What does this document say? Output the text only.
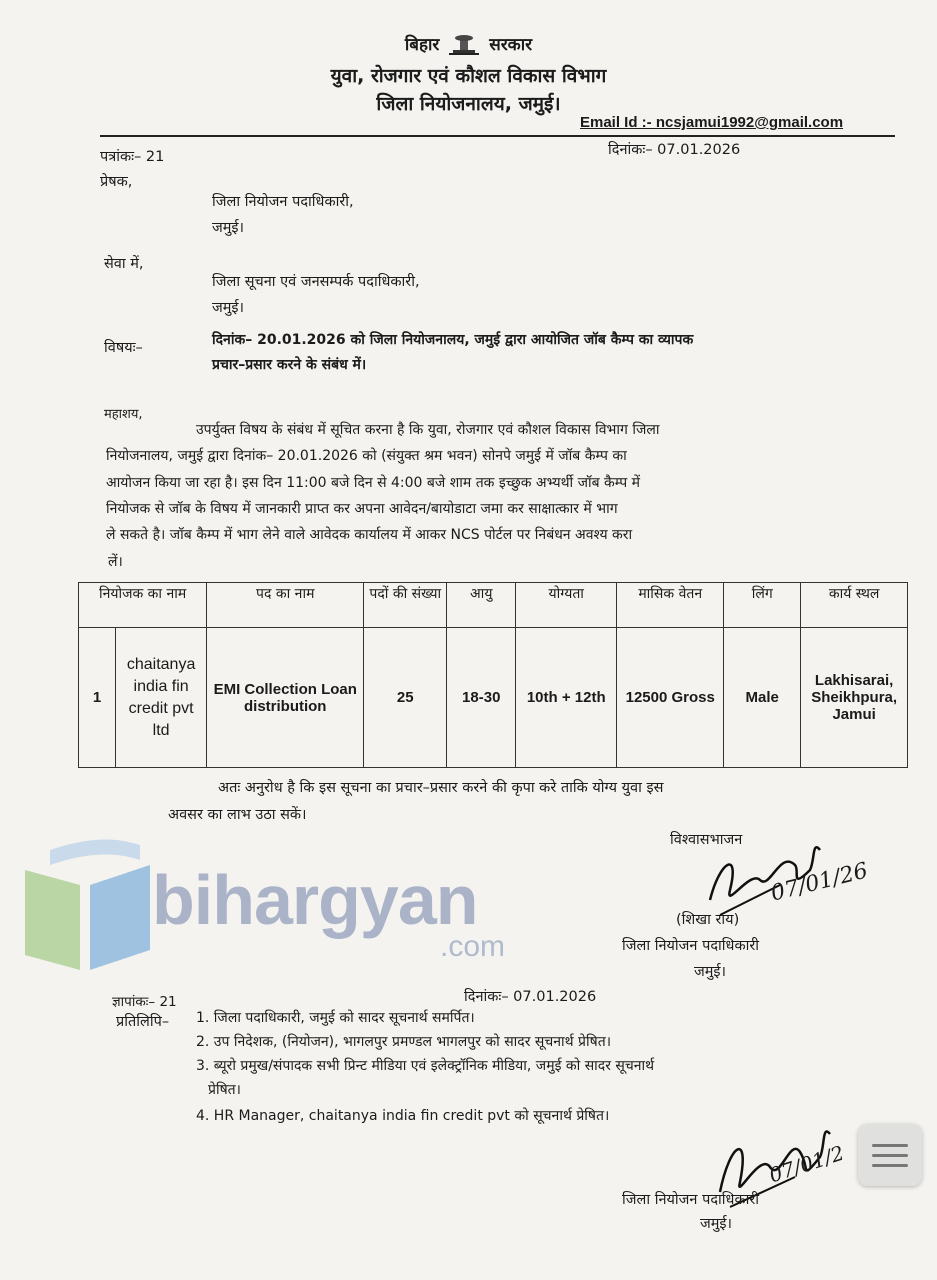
बिहार	सरकार
युवा, रोजगार एवं कौशल विकास विभाग
जिला नियोजनालय, जमुई।
Email Id :- ncsjamui1992@gmail.com
पत्रांकः– 21	दिनांकः– 07.01.2026
प्रेषक,
जिला नियोजन पदाधिकारी,
जमुई।
सेवा में,
जिला सूचना एवं जनसम्पर्क पदाधिकारी,
जमुई।
विषयः–	दिनांक– 20.01.2026 को जिला नियोजनालय, जमुई द्वारा आयोजित जॉब कैम्प का व्यापक
प्रचार–प्रसार करने के संबंध में।
महाशय,
उपर्युक्त विषय के संबंध में सूचित करना है कि युवा, रोजगार एवं कौशल विकास विभाग जिला
नियोजनालय, जमुई द्वारा दिनांक– 20.01.2026 को (संयुक्त श्रम भवन) सोनपे जमुई में जॉब कैम्प का
आयोजन किया जा रहा है। इस दिन 11:00 बजे दिन से 4:00 बजे शाम तक इच्छुक अभ्यर्थी जॉब कैम्प में
नियोजक से जॉब के विषय में जानकारी प्राप्त कर अपना आवेदन/बायोडाटा जमा कर साक्षात्कार में भाग
ले सकते है। जॉब कैम्प में भाग लेने वाले आवेदक कार्यालय में आकर NCS पोर्टल पर निबंधन अवश्य करा
लें।
नियोजक का नाम		पद का नाम	पदों की संख्या	आयु	योग्यता	मासिक वेतन	लिंग	कार्य स्थल
1	chaitanya india fin credit pvt ltd	EMI Collection Loan distribution	25	18-30	10th + 12th	12500 Gross	Male	Lakhisarai, Sheikhpura, Jamui
अतः अनुरोध है कि इस सूचना का प्रचार–प्रसार करने की कृपा करे ताकि योग्य युवा इस
अवसर का लाभ उठा सकें।
विश्वासभाजन
07/01/26
(शिखा राय)
जिला नियोजन पदाधिकारी
जमुई।
bihargyan
.com
ज्ञापांकः– 21	दिनांकः– 07.01.2026
प्रतिलिपि– 1. जिला पदाधिकारी, जमुई को सादर सूचनार्थ समर्पित।
2. उप निदेशक, (नियोजन), भागलपुर प्रमण्डल भागलपुर को सादर सूचनार्थ प्रेषित।
3. ब्यूरो प्रमुख/संपादक सभी प्रिन्ट मीडिया एवं इलेक्ट्रॉनिक मीडिया, जमुई को सादर सूचनार्थ
प्रेषित।
4. HR Manager, chaitanya india fin credit pvt को सूचनार्थ प्रेषित।
07/01/2
जिला नियोजन पदाधिकारी
जमुई।
